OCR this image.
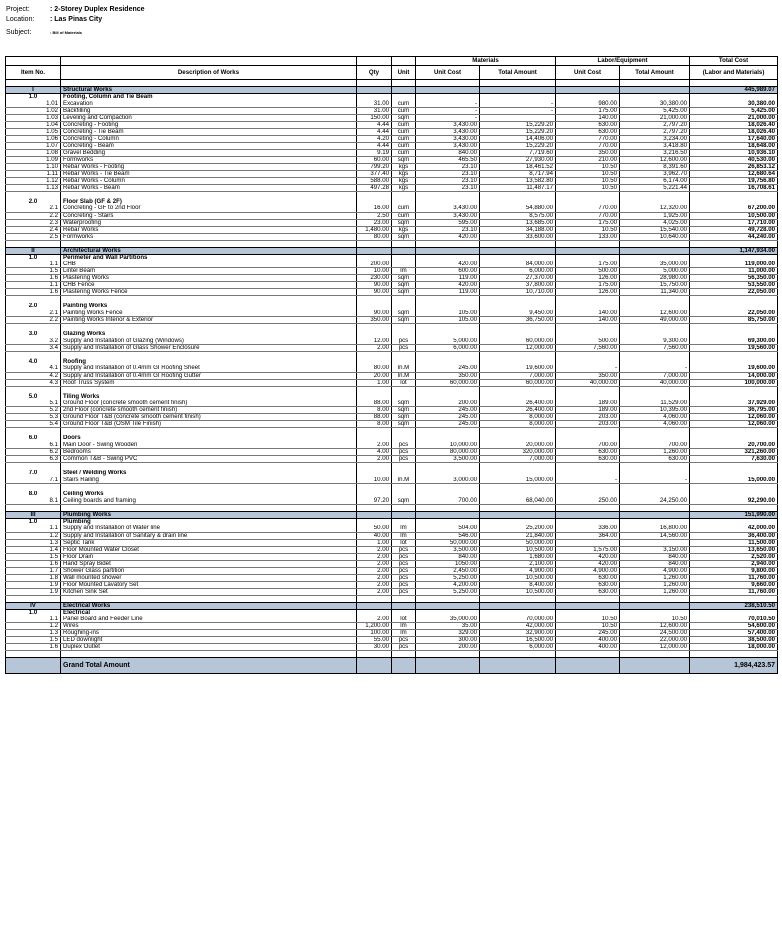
Project:	: 2-Storey Duplex Residence
Location: : Las Pinas City
Subject:	: Bill of Materials
				Materials		Labor/Equipment		Total Cost
Item No.	Description of Works	Qty	Unit	Unit Cost	Total Amount	Unit Cost	Total Amount	(Labor and Materials)

I	Structural Works							445,989.07
1.0	Footing, Column and Tie Beam							
1.01	Excavation	31.00	cum	-	-	980.00	30,380.00	30,380.00
1.02	Backfilling	31.00	cum	-	-	175.00	5,425.00	5,425.00
1.03	Leveling and Compaction	150.00	sqm	-		140.00	21,000.00	21,000.00
1.04	Concreting - Footing	4.44	cum	3,430.00	15,229.20	630.00	2,797.20	18,026.40
1.05	Concreting - Tie Beam	4.44	cum	3,430.00	15,229.20	630.00	2,797.20	18,026.40
1.06	Concreting - Column	4.20	cum	3,430.00	14,406.00	770.00	3,234.00	17,640.00
1.07	Concreting - Beam	4.44	cum	3,430.00	15,229.20	770.00	3,418.80	18,648.00
1.08	Gravel Bedding	9.19	cum	840.00	7,719.60	350.00	3,216.50	10,936.10
1.09	Formworks	60.00	sqm	465.50	27,930.00	210.00	12,600.00	40,530.00
1.10	Rebar Works - Footing	799.20	kgs	23.10	18,461.52	10.50	8,391.60	26,853.12
1.11	Rebar Works - Tie Beam	377.40	kgs	23.10	8,717.94	10.50	3,962.70	12,680.64
1.12	Rebar Works - Column	588.00	kgs	23.10	13,582.80	10.50	6,174.00	19,756.80
1.13	Rebar Works - Beam	497.28	kgs	23.10	11,487.17	10.50	5,221.44	16,708.61

2.0	Floor Slab (GF & 2F)							
2.1	Concreting - GF to 2nd Floor	16.00	cum	3,430.00	54,880.00	770.00	12,320.00	67,200.00
2.2	Concreting - Stairs	2.50	cum	3,430.00	8,575.00	770.00	1,925.00	10,500.00
2.3	Waterproofing	23.00	sqm	595.00	13,685.00	175.00	4,025.00	17,710.00
2.4	Rebar Works	1,480.00	kgs	23.10	34,188.00	10.50	15,540.00	49,728.00
2.5	Formworks	80.00	sqm	420.00	33,600.00	133.00	10,640.00	44,240.00

II	Architectural Works							1,147,934.00
1.0	Perimeter and Wall Partitions							
1.1	CHB	200.00		420.00	84,000.00	175.00	35,000.00	119,000.00
1.5	Lintel Beam	10.00	lm	600.00	6,000.00	500.00	5,000.00	11,000.00
1.6	Plastering Works	230.00	sqm	119.00	27,370.00	126.00	28,980.00	56,350.00
1.1	CHB Fence	90.00	sqm	420.00	37,800.00	175.00	15,750.00	53,550.00
1.6	Plastering Works Fence	90.00	sqm	119.00	10,710.00	126.00	11,340.00	22,050.00

2.0	Painting Works							
2.1	Painting Works Fence	90.00	sqm	105.00	9,450.00	140.00	12,600.00	22,050.00
2.2	Painting Works Interior & Exterior	350.00	sqm	105.00	36,750.00	140.00	49,000.00	85,750.00

3.0	Glazing Works							
3.2	Supply and Installation of Glazing (Windows)	12.00	pcs	5,000.00	60,000.00	500.00	9,300.00	69,300.00
3.4	Supply and Installation of Glass Shower Enclosure	2.00	pcs	6,000.00	12,000.00	7,560.00	7,560.00	19,560.00

4.0	Roofing							
4.1	Supply and Installation of 0.4mm GI Roofing Sheet	80.00	ln.M	245.00	19,600.00	-	-	19,600.00
4.2	Supply and Installation of 0.4mm GI Roofing Gutter	20.00	ln.M	350.00	7,000.00	350.00	7,000.00	14,000.00
4.3	Roof Truss System	1.00	lot	60,000.00	60,000.00	40,000.00	40,000.00	100,000.00

5.0	Tiling Works							
5.1	Ground Floor (concrete smooth cement finish)	88.00	sqm	200.00	26,400.00	189.00	11,529.00	37,929.00
5.2	2nd Floor (concrete smooth cement finish)	8.00	sqm	245.00	26,400.00	189.00	10,395.00	36,795.00
5.3	Ground Floor T&B (concrete smooth cement finish)	88.00	sqm	245.00	8,000.00	203.00	4,060.00	12,060.00
5.4	Ground Floor T&B (OSM Tile Finish)	8.00	sqm	245.00	8,000.00	203.00	4,060.00	12,060.00

6.0	Doors							
6.1	Main Door - Swing Wooden	2.00	pcs	10,000.00	20,000.00	700.00	700.00	20,700.00
6.2	Bedrooms	4.00	pcs	80,000.00	320,000.00	630.00	1,260.00	321,260.00
6.3	Common T&B - Swing PVC	2.00	pcs	3,500.00	7,000.00	630.00	630.00	7,630.00

7.0	Steel / Welding Works							
7.1	Stairs Railing	10.00	ln.M	3,000.00	15,000.00	-	-	15,000.00

8.0	Ceiling Works							
8.1	Ceiling boards and framing	97.20	sqm	700.00	68,040.00	250.00	24,250.00	92,290.00

III	Plumbing Works							151,990.00
1.0	Plumbing							
1.1	Supply and Installation of Water line	50.00	lm	504.00	25,200.00	336.00	16,800.00	42,000.00
1.2	Supply and Installation of Sanitary & drain line	40.00	lm	546.00	21,840.00	364.00	14,560.00	36,400.00
1.3	Septic Tank	1.00	lot	50,000.00	50,000.00			11,500.00
1.4	Floor Mounted Water Closet	2.00	pcs	3,500.00	10,500.00	1,575.00	3,150.00	13,650.00
1.5	Floor Drain	2.00	pcs	840.00	1,680.00	420.00	840.00	2,520.00
1.6	Hand Spray Bidet	2.00	pcs	1050.00	2,100.00	420.00	840.00	2,940.00
1.7	Shower Glass partition	2.00	pcs	2,450.00	4,900.00	4,900.00	4,900.00	9,800.00
1.8	Wall mounted shower	2.00	pcs	5,250.00	10,500.00	630.00	1,260.00	11,760.00
1.9	Floor Mounted Lavatory Set	2.00	pcs	4,200.00	8,400.00	630.00	1,260.00	9,660.00
1.9	Kitchen Sink Set	2.00	pcs	5,250.00	10,500.00	630.00	1,260.00	11,760.00

IV	Electrical Works							238,510.50
1.0	Electrical							
1.1	Panel Board and Feeder Line	2.00	lot	35,000.00	70,000.00	10.50	10.50	70,010.50
1.2	Wires	1,200.00	lm	35.00	42,000.00	10.50	12,600.00	54,600.00
1.3	Roughing-ins	100.00	lm	329.00	32,900.00	245.00	24,500.00	57,400.00
1.5	LED downlight	55.00	pcs	300.00	16,500.00	400.00	22,000.00	38,500.00
1.6	Duplex Outlet	30.00	pcs	200.00	6,000.00	400.00	12,000.00	18,000.00

	Grand Total Amount							1,984,423.57
